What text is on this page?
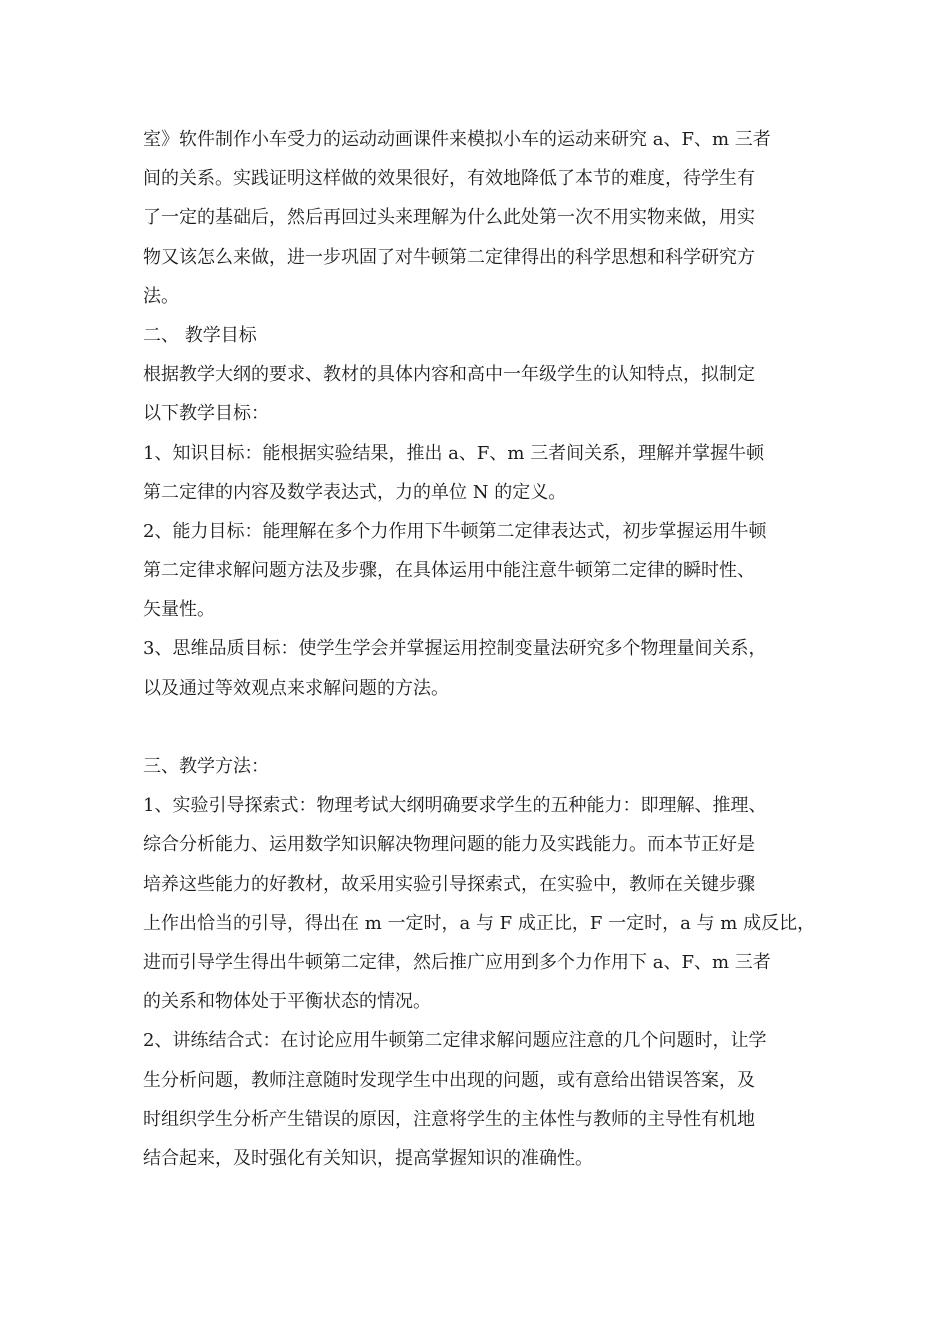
室》软件制作小车受力的运动动画课件来模拟小车的运动来研究 a、F、m 三者
间的关系。实践证明这样做的效果很好，有效地降低了本节的难度，待学生有
了一定的基础后，然后再回过头来理解为什么此处第一次不用实物来做，用实
物又该怎么来做，进一步巩固了对牛顿第二定律得出的科学思想和科学研究方
法。
二、 教学目标
根据教学大纲的要求、教材的具体内容和高中一年级学生的认知特点，拟制定
以下教学目标：
1、知识目标：能根据实验结果，推出 a、F、m 三者间关系，理解并掌握牛顿
第二定律的内容及数学表达式，力的单位 N 的定义。
2、能力目标：能理解在多个力作用下牛顿第二定律表达式，初步掌握运用牛顿
第二定律求解问题方法及步骤，在具体运用中能注意牛顿第二定律的瞬时性、
矢量性。
3、思维品质目标：使学生学会并掌握运用控制变量法研究多个物理量间关系，
以及通过等效观点来求解问题的方法。
三、教学方法：
1、实验引导探索式：物理考试大纲明确要求学生的五种能力：即理解、推理、
综合分析能力、运用数学知识解决物理问题的能力及实践能力。而本节正好是
培养这些能力的好教材，故采用实验引导探索式，在实验中，教师在关键步骤
上作出恰当的引导，得出在 m 一定时，a 与 F 成正比，F 一定时，a 与 m 成反比，
进而引导学生得出牛顿第二定律，然后推广应用到多个力作用下 a、F、m 三者
的关系和物体处于平衡状态的情况。
2、讲练结合式：在讨论应用牛顿第二定律求解问题应注意的几个问题时，让学
生分析问题，教师注意随时发现学生中出现的问题，或有意给出错误答案，及
时组织学生分析产生错误的原因，注意将学生的主体性与教师的主导性有机地
结合起来，及时强化有关知识，提高掌握知识的准确性。
